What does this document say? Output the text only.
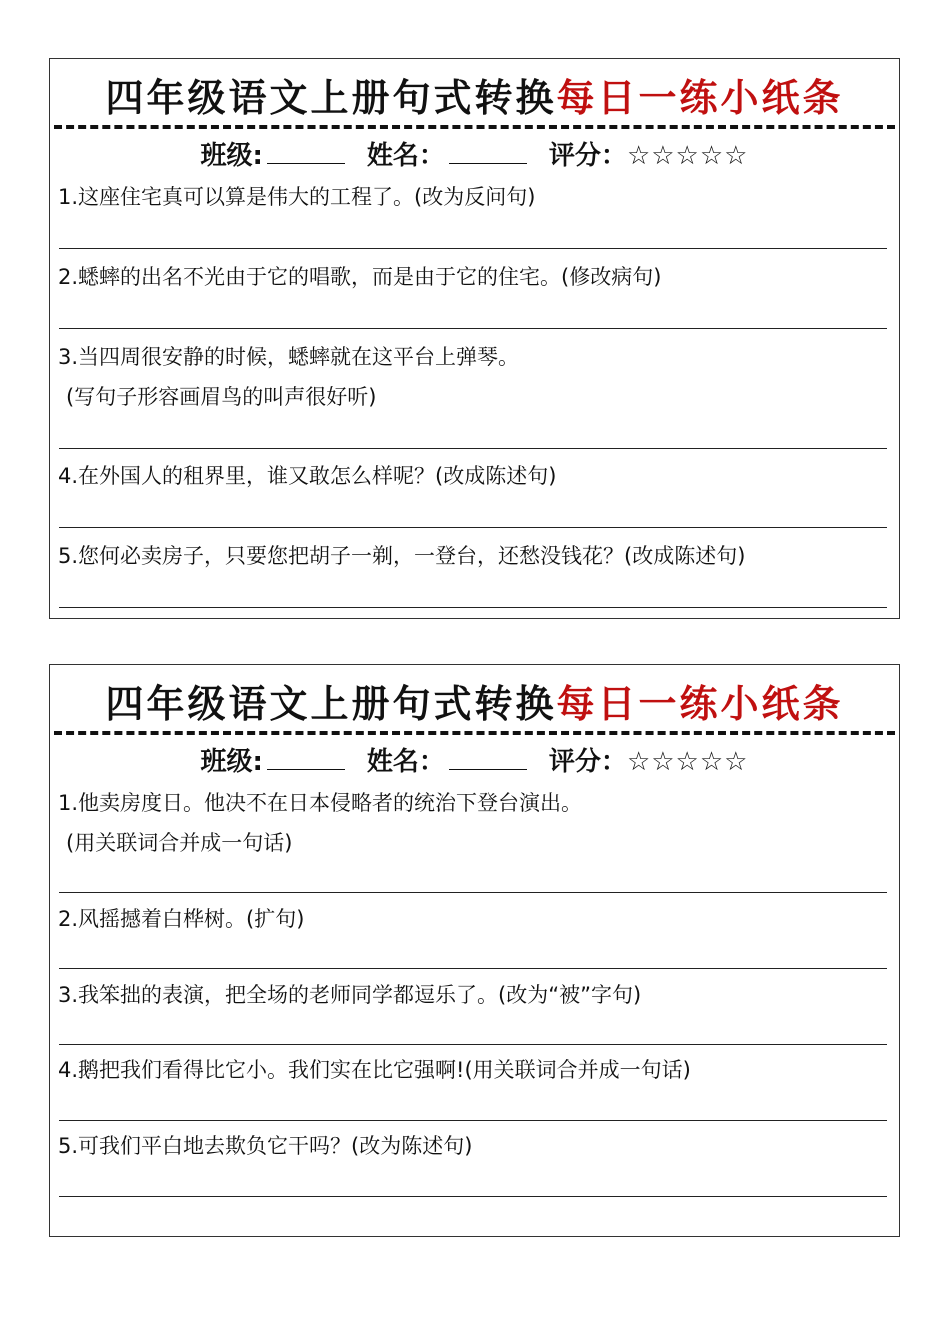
四年级语文上册句式转换每日一练小纸条
班级:	姓名：	评分：☆☆☆☆☆
1.这座住宅真可以算是伟大的工程了。(改为反问句)
2.蟋蟀的出名不光由于它的唱歌，而是由于它的住宅。(修改病句)
3.当四周很安静的时候，蟋蟀就在这平台上弹琴。
(写句子形容画眉鸟的叫声很好听)
4.在外国人的租界里，谁又敢怎么样呢？(改成陈述句)
5.您何必卖房子，只要您把胡子一剃，一登台，还愁没钱花？(改成陈述句)
四年级语文上册句式转换每日一练小纸条
班级:	姓名：	评分：☆☆☆☆☆
1.他卖房度日。他决不在日本侵略者的统治下登台演出。
(用关联词合并成一句话)
2.风摇撼着白桦树。(扩句)
3.我笨拙的表演，把全场的老师同学都逗乐了。(改为“被”字句)
4.鹅把我们看得比它小。我们实在比它强啊!(用关联词合并成一句话)
5.可我们平白地去欺负它干吗？(改为陈述句)
